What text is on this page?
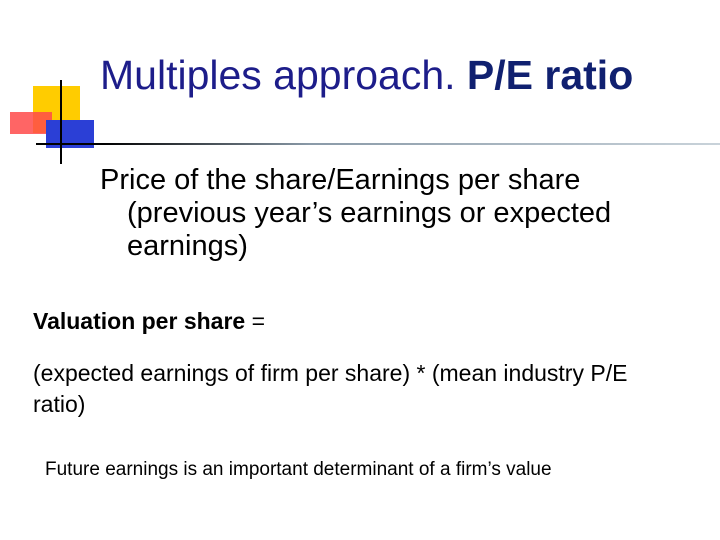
Multiples approach. P/E ratio
Price of the share/Earnings per share
(previous year’s earnings or expected earnings)
Valuation per share =
(expected earnings of firm per share) * (mean industry P/E ratio)
Future earnings is an important determinant of a firm’s value
